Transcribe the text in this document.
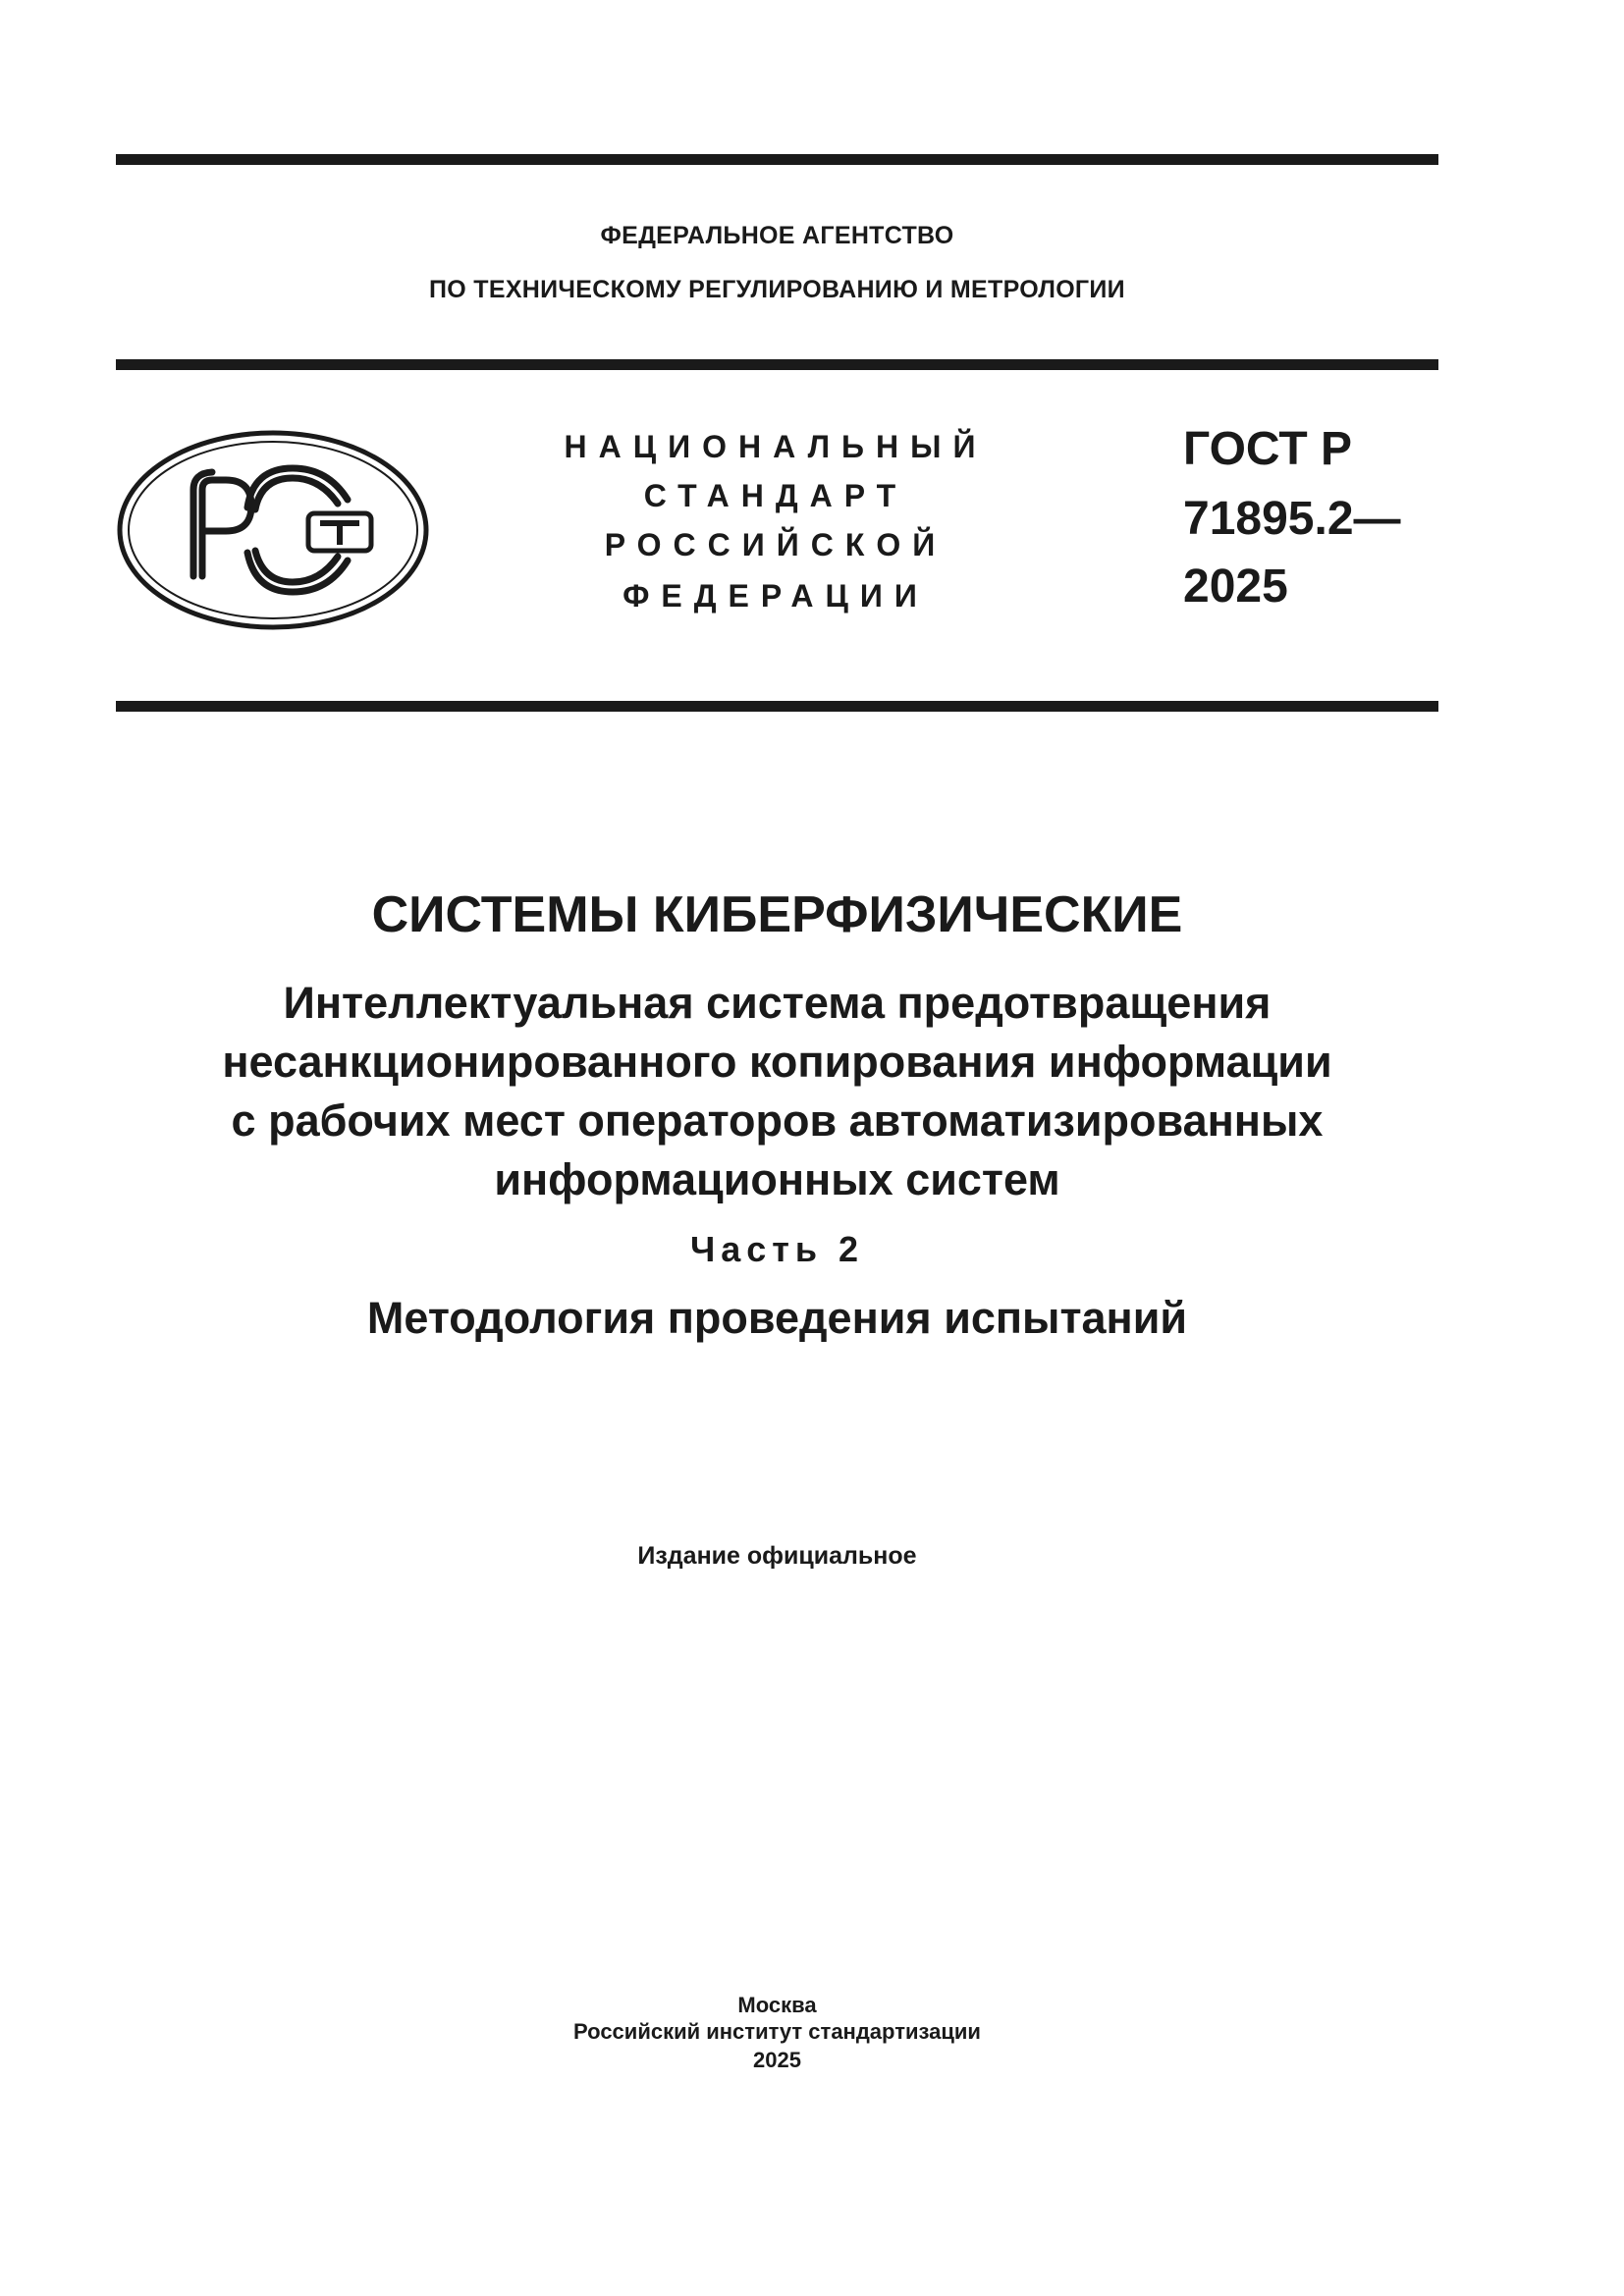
ФЕДЕРАЛЬНОЕ АГЕНТСТВО
ПО ТЕХНИЧЕСКОМУ РЕГУЛИРОВАНИЮ И МЕТРОЛОГИИ
НАЦИОНАЛЬНЫЙ
СТАНДАРТ
РОССИЙСКОЙ
ФЕДЕРАЦИИ
ГОСТ Р
71895.2—
2025
СИСТЕМЫ КИБЕРФИЗИЧЕСКИЕ
Интеллектуальная система предотвращения
несанкционированного копирования информации
с рабочих мест операторов автоматизированных
информационных систем
Часть 2
Методология проведения испытаний
Издание официальное
Москва
Российский институт стандартизации
2025
